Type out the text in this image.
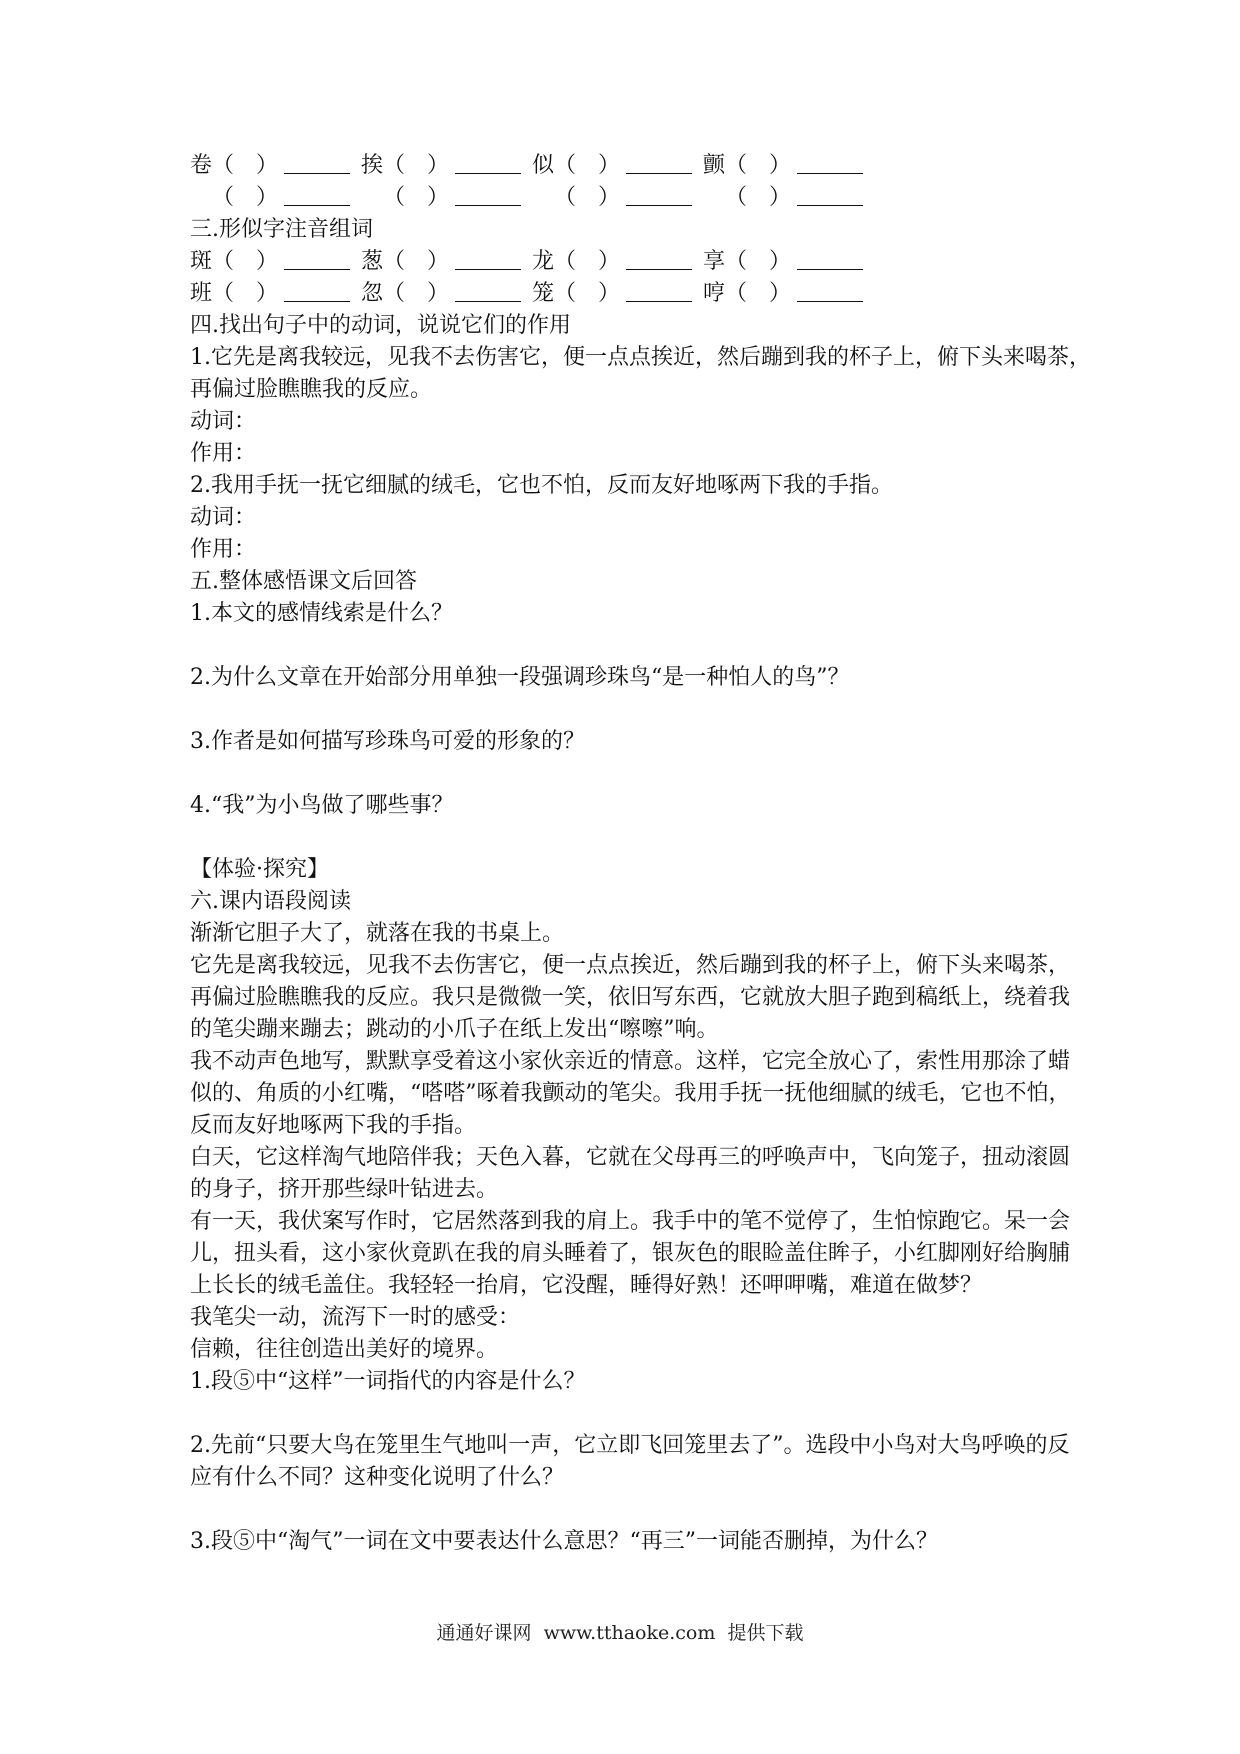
卷（　）	挨（　）	似（　）	颤（　）
（　）	（　）	（　）	（　）

三.形似字注音组词

斑（　）	葱（　）	龙（　）	享（　）
班（　）	忽（　）	笼（　）	哼（　）

四.找出句子中的动词，说说它们的作用

1.它先是离我较远，见我不去伤害它，便一点点挨近，然后蹦到我的杯子上，俯下头来喝茶，

再偏过脸瞧瞧我的反应。

动词：

作用：

2.我用手抚一抚它细腻的绒毛，它也不怕，反而友好地啄两下我的手指。

动词：

作用：

五.整体感悟课文后回答

1.本文的感情线索是什么？

2.为什么文章在开始部分用单独一段强调珍珠鸟“是一种怕人的鸟”？

3.作者是如何描写珍珠鸟可爱的形象的？

4.“我”为小鸟做了哪些事？

【体验·探究】

六.课内语段阅读

渐渐它胆子大了，就落在我的书桌上。

它先是离我较远，见我不去伤害它，便一点点挨近，然后蹦到我的杯子上，俯下头来喝茶，

再偏过脸瞧瞧我的反应。我只是微微一笑，依旧写东西，它就放大胆子跑到稿纸上，绕着我

的笔尖蹦来蹦去；跳动的小爪子在纸上发出“嚓嚓”响。

我不动声色地写，默默享受着这小家伙亲近的情意。这样，它完全放心了，索性用那涂了蜡

似的、角质的小红嘴，“嗒嗒”啄着我颤动的笔尖。我用手抚一抚他细腻的绒毛，它也不怕，

反而友好地啄两下我的手指。

白天，它这样淘气地陪伴我；天色入暮，它就在父母再三的呼唤声中，飞向笼子，扭动滚圆

的身子，挤开那些绿叶钻进去。

有一天，我伏案写作时，它居然落到我的肩上。我手中的笔不觉停了，生怕惊跑它。呆一会

儿，扭头看，这小家伙竟趴在我的肩头睡着了，银灰色的眼睑盖住眸子，小红脚刚好给胸脯

上长长的绒毛盖住。我轻轻一抬肩，它没醒，睡得好熟！还呷呷嘴，难道在做梦？

我笔尖一动，流泻下一时的感受：

信赖，往往创造出美好的境界。

1.段⑤中“这样”一词指代的内容是什么？

2.先前“只要大鸟在笼里生气地叫一声，它立即飞回笼里去了”。选段中小鸟对大鸟呼唤的反

应有什么不同？这种变化说明了什么？

3.段⑤中“淘气”一词在文中要表达什么意思？“再三”一词能否删掉，为什么？

通通好课网 www.tthaoke.com 提供下载
